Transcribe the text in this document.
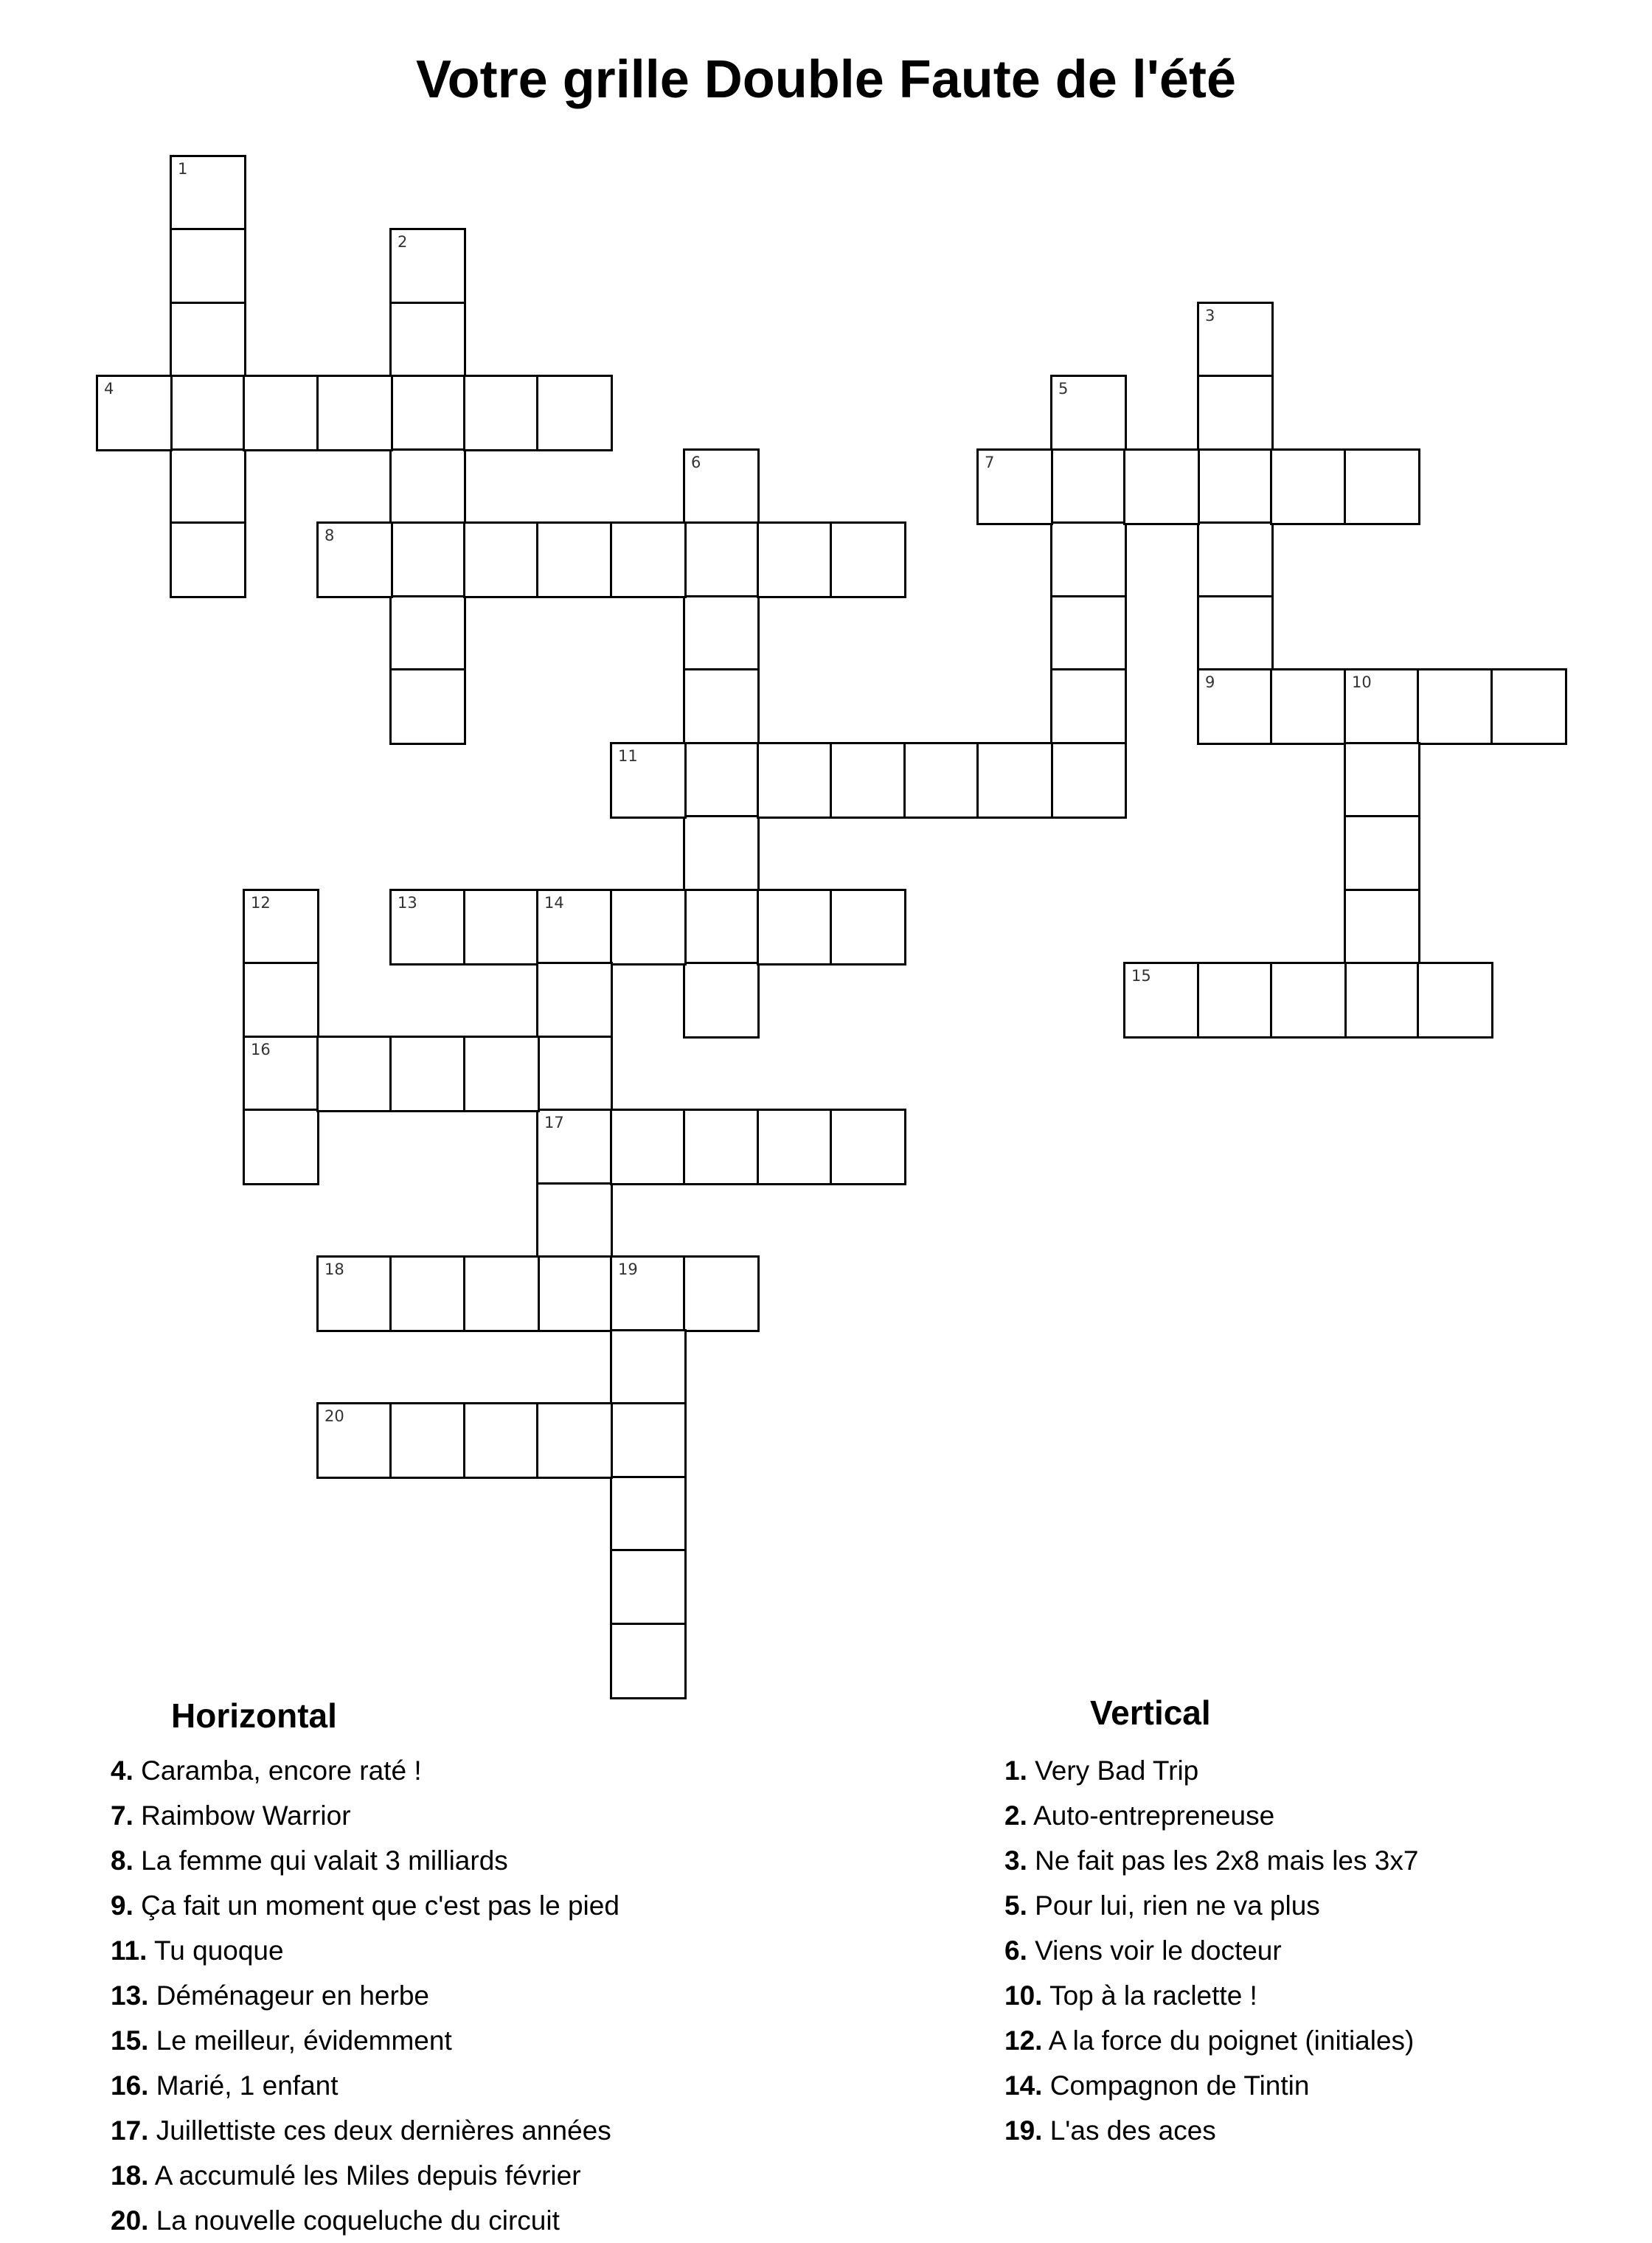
Votre grille Double Faute de l'été
1
2
3
4	5
6	7
8
9	10
11
12
16
13	14
17
15
18	19
20
Horizontal
4. Caramba, encore raté !
7. Raimbow Warrior
8. La femme qui valait 3 milliards
9. Ça fait un moment que c'est pas le pied
11. Tu quoque
13. Déménageur en herbe
15. Le meilleur, évidemment
16. Marié, 1 enfant
17. Juillettiste ces deux dernières années
18. A accumulé les Miles depuis février
20. La nouvelle coqueluche du circuit
Vertical
1. Very Bad Trip
2. Auto-entrepreneuse
3. Ne fait pas les 2x8 mais les 3x7
5. Pour lui, rien ne va plus
6. Viens voir le docteur
10. Top à la raclette !
12. A la force du poignet (initiales)
14. Compagnon de Tintin
19. L'as des aces
